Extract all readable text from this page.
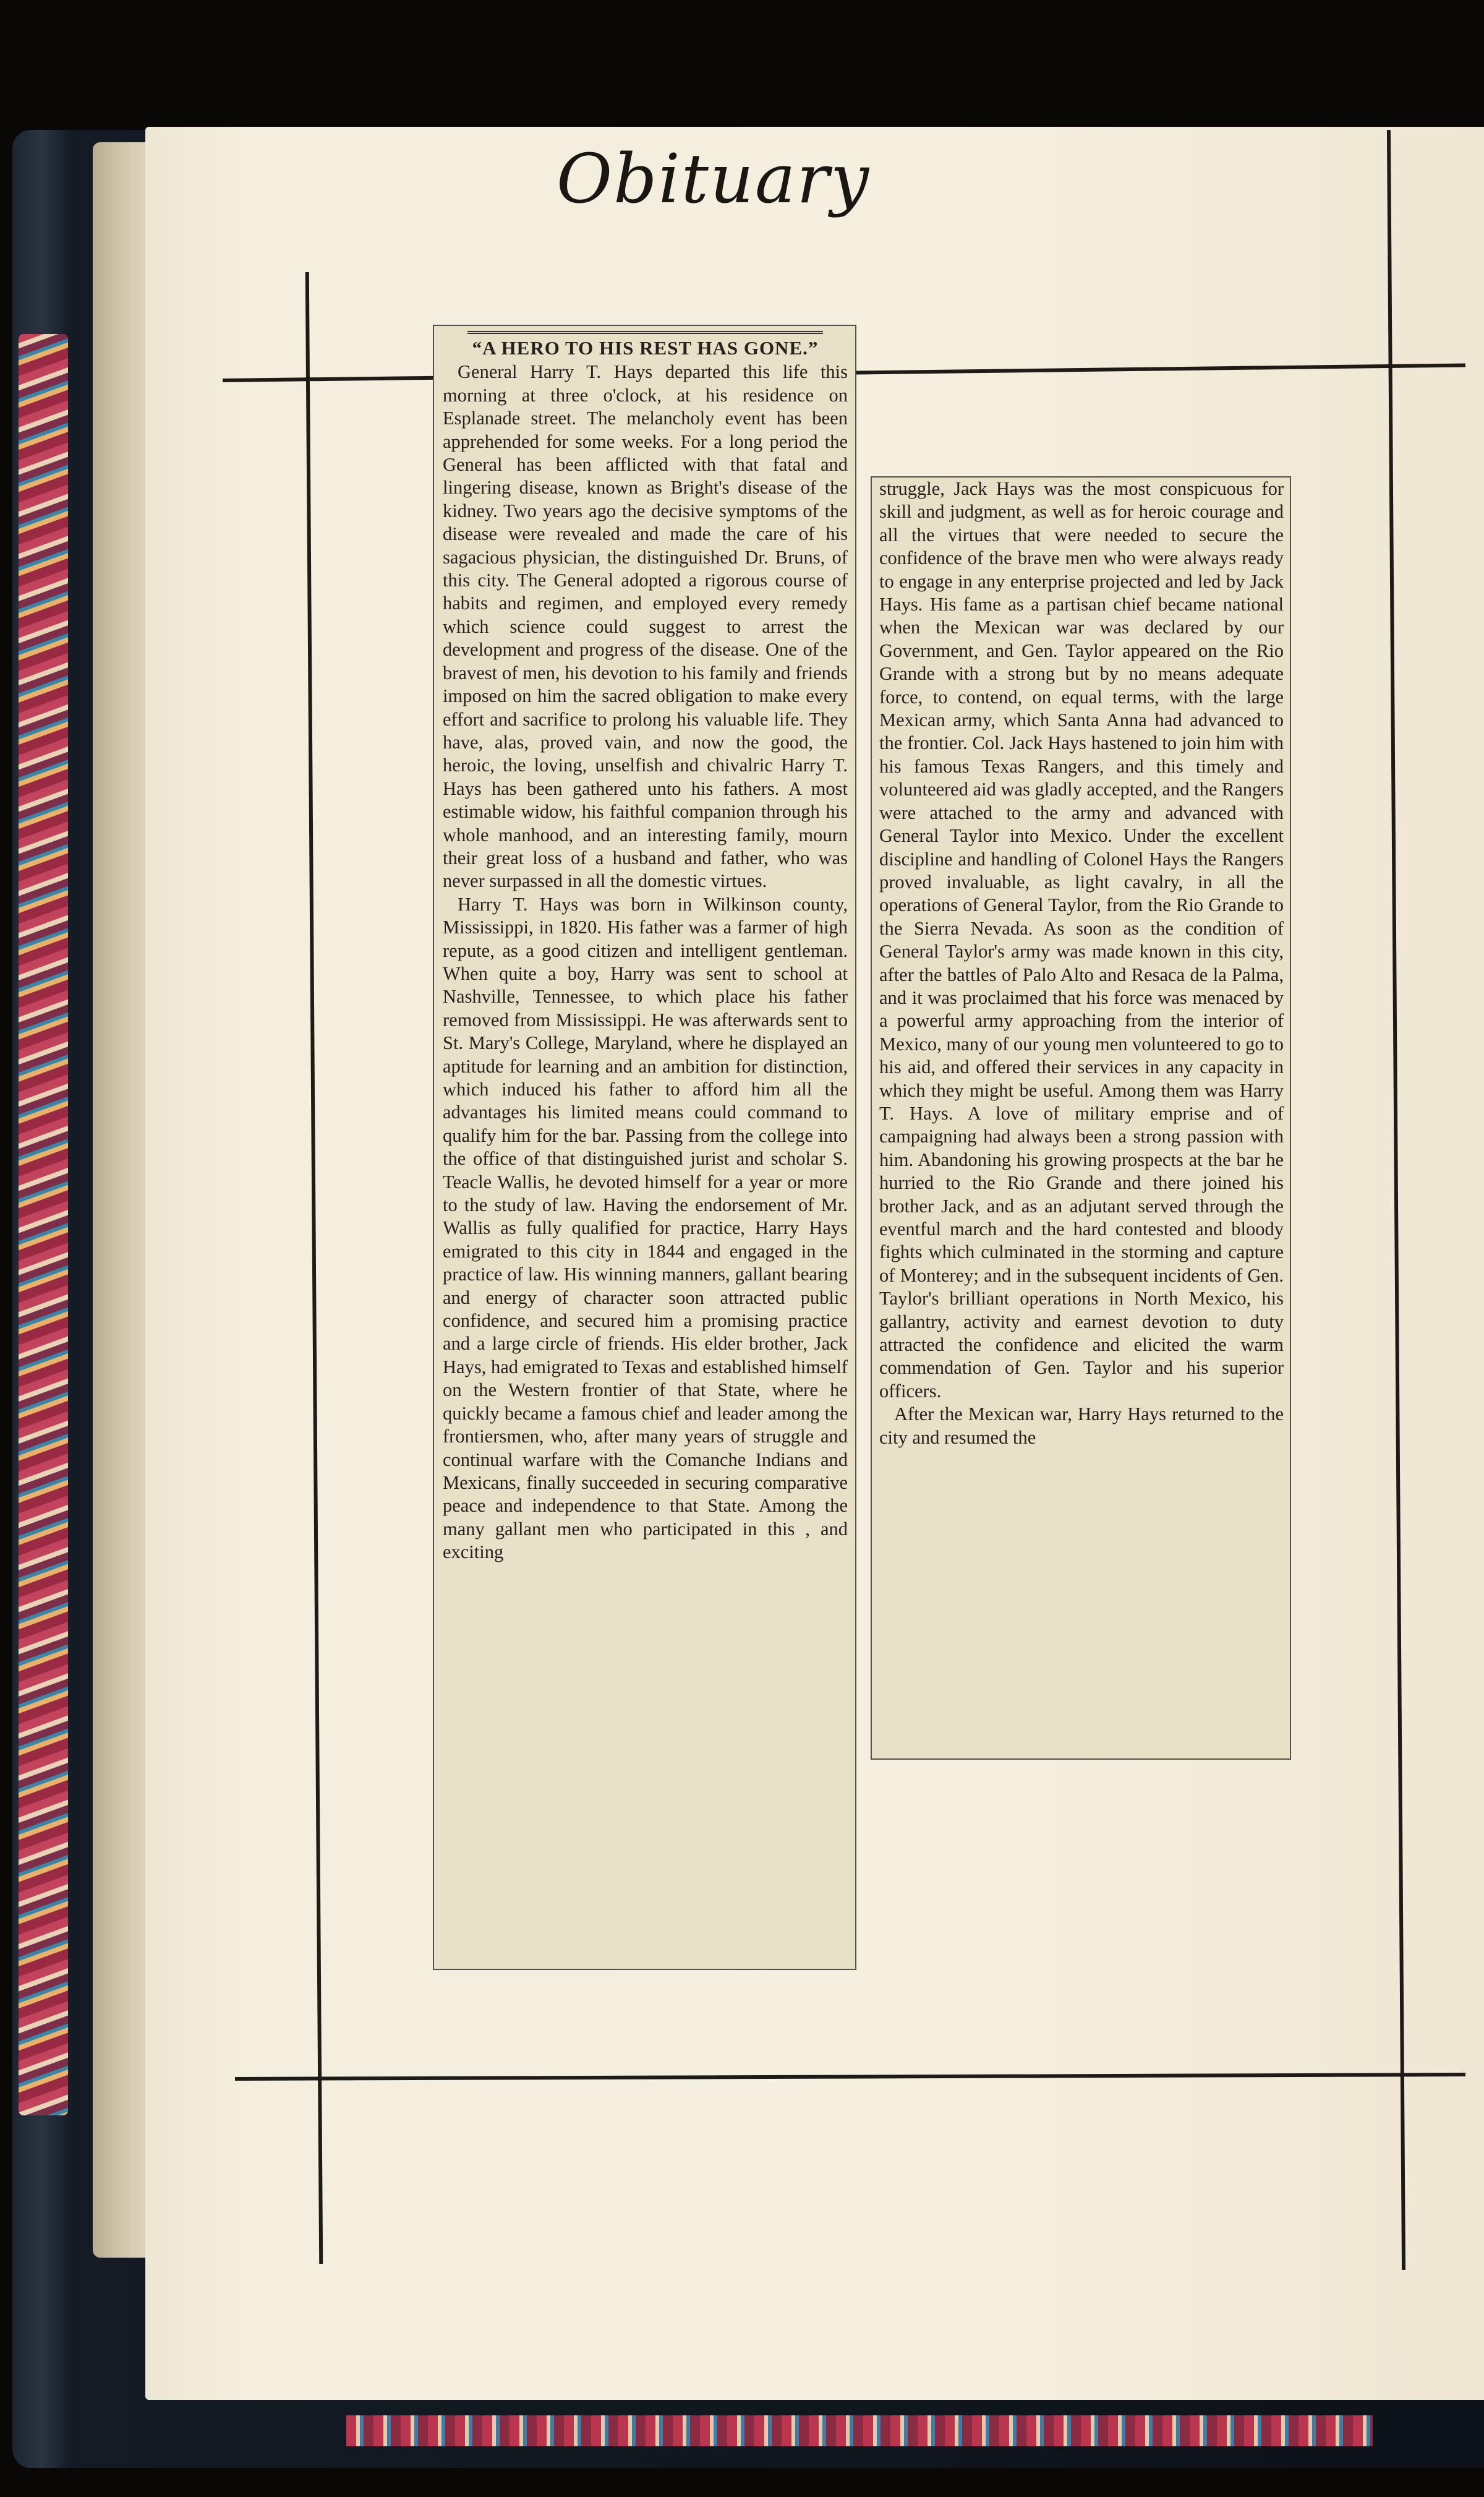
Obituary
“A HERO TO HIS REST HAS GONE.”

General Harry T. Hays departed this life this morning at three o'clock, at his residence on Esplanade street. The melancholy event has been apprehended for some weeks. For a long period the General has been afflicted with that fatal and lingering disease, known as Bright's disease of the kidney. Two years ago the decisive symptoms of the disease were revealed and made the care of his sagacious physician, the distinguished Dr. Bruns, of this city. The General adopted a rigorous course of habits and regimen, and employed every remedy which science could suggest to arrest the development and progress of the disease. One of the bravest of men, his devotion to his family and friends imposed on him the sacred obligation to make every effort and sacrifice to prolong his valuable life. They have, alas, proved vain, and now the good, the heroic, the loving, unselfish and chivalric Harry T. Hays has been gathered unto his fathers. A most estimable widow, his faithful companion through his whole manhood, and an interesting family, mourn their great loss of a husband and father, who was never surpassed in all the domestic virtues.

Harry T. Hays was born in Wilkinson county, Mississippi, in 1820. His father was a farmer of high repute, as a good citizen and intelligent gentleman. When quite a boy, Harry was sent to school at Nashville, Tennessee, to which place his father removed from Mississippi. He was afterwards sent to St. Mary's College, Maryland, where he displayed an aptitude for learning and an ambition for distinction, which induced his father to afford him all the advantages his limited means could command to qualify him for the bar. Passing from the college into the office of that distinguished jurist and scholar S. Teacle Wallis, he devoted himself for a year or more to the study of law. Having the endorsement of Mr. Wallis as fully qualified for practice, Harry Hays emigrated to this city in 1844 and engaged in the practice of law. His winning manners, gallant bearing and energy of character soon attracted public confidence, and secured him a promising practice and a large circle of friends. His elder brother, Jack Hays, had emigrated to Texas and established himself on the Western frontier of that State, where he quickly became a famous chief and leader among the frontiersmen, who, after many years of struggle and continual warfare with the Comanche Indians and Mexicans, finally succeeded in securing comparative peace and independence to that State. Among the many gallant men who participated in this , and exciting

struggle, Jack Hays was the most conspicuous for skill and judgment, as well as for heroic courage and all the virtues that were needed to secure the confidence of the brave men who were always ready to engage in any enterprise projected and led by Jack Hays. His fame as a partisan chief became national when the Mexican war was declared by our Government, and Gen. Taylor appeared on the Rio Grande with a strong but by no means adequate force, to contend, on equal terms, with the large Mexican army, which Santa Anna had advanced to the frontier. Col. Jack Hays hastened to join him with his famous Texas Rangers, and this timely and volunteered aid was gladly accepted, and the Rangers were attached to the army and advanced with General Taylor into Mexico. Under the excellent discipline and handling of Colonel Hays the Rangers proved invaluable, as light cavalry, in all the operations of General Taylor, from the Rio Grande to the Sierra Nevada. As soon as the condition of General Taylor's army was made known in this city, after the battles of Palo Alto and Resaca de la Palma, and it was proclaimed that his force was menaced by a powerful army approaching from the interior of Mexico, many of our young men volunteered to go to his aid, and offered their services in any capacity in which they might be useful. Among them was Harry T. Hays. A love of military emprise and of campaigning had always been a strong passion with him. Abandoning his growing prospects at the bar he hurried to the Rio Grande and there joined his brother Jack, and as an adjutant served through the eventful march and the hard contested and bloody fights which culminated in the storming and capture of Monterey; and in the subsequent incidents of Gen. Taylor's brilliant operations in North Mexico, his gallantry, activity and earnest devotion to duty attracted the confidence and elicited the warm commendation of Gen. Taylor and his superior officers.

After the Mexican war, Harry Hays returned to the city and resumed the
